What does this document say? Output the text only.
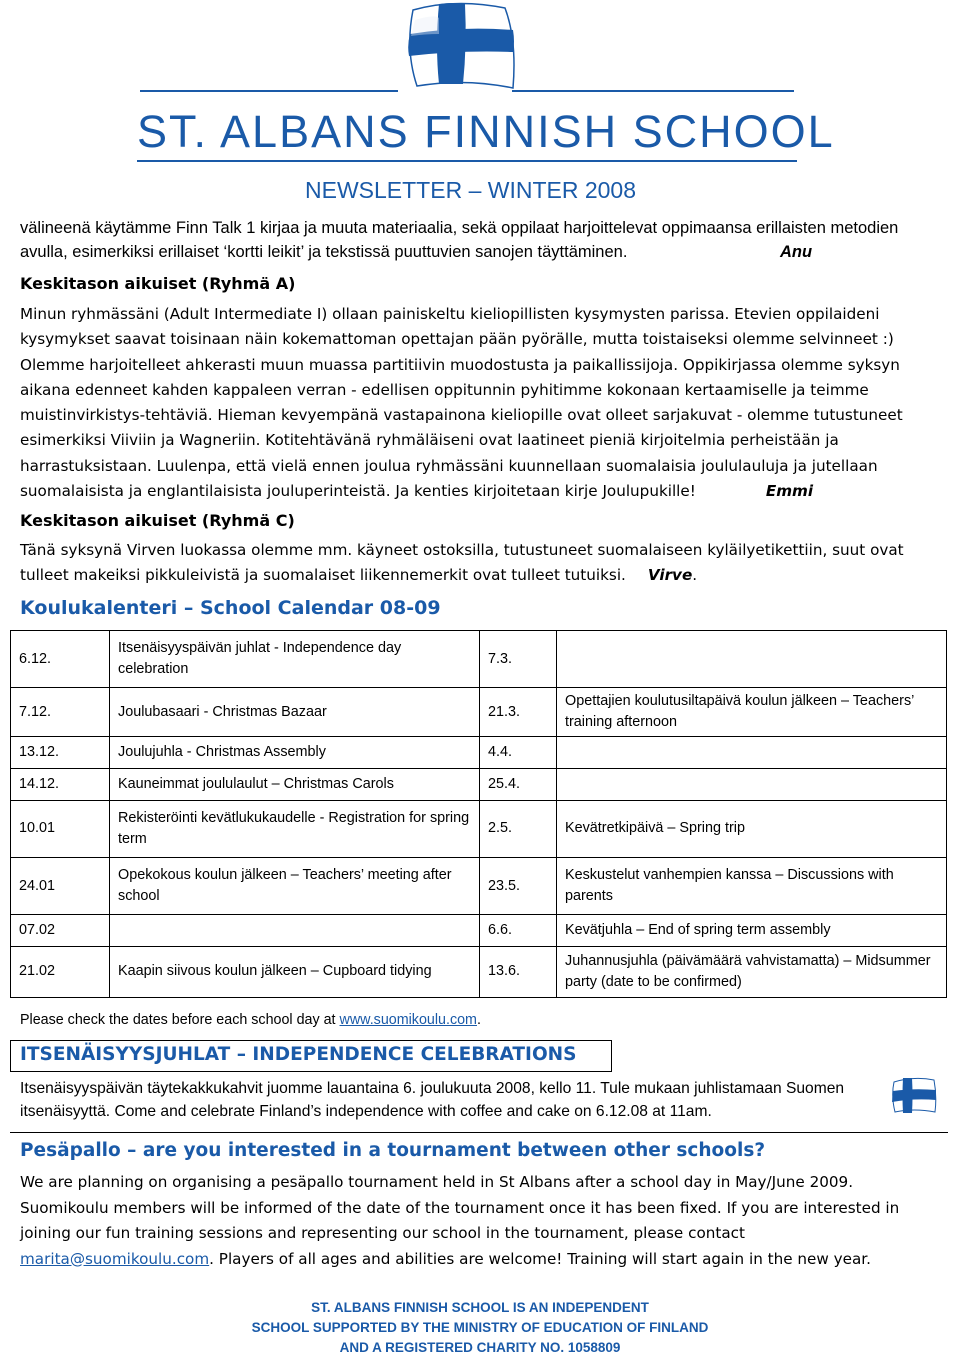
ST. ALBANS FINNISH SCHOOL
NEWSLETTER – WINTER 2008
välineenä käytämme Finn Talk 1 kirjaa ja muuta materiaalia, sekä oppilaat harjoittelevat oppimaansa erillaisten metodien avulla, esimerkiksi erillaiset ‘kortti leikit’ ja tekstissä puuttuvien sanojen täyttäminen.	Anu
Keskitason aikuiset (Ryhmä A)
Minun ryhmässäni (Adult Intermediate I) ollaan painiskeltu kieliopillisten kysymysten parissa. Etevien oppilaideni kysymykset saavat toisinaan näin kokemattoman opettajan pään pyörälle, mutta toistaiseksi olemme selvinneet :) Olemme harjoitelleet ahkerasti muun muassa partitiivin muodostusta ja paikallissijoja. Oppikirjassa olemme syksyn aikana edenneet kahden kappaleen verran - edellisen oppitunnin pyhitimme kokonaan kertaamiselle ja teimme muistinvirkistys-tehtäviä. Hieman kevyempänä vastapainona kieliopille ovat olleet sarjakuvat - olemme tutustuneet esimerkiksi Viiviin ja Wagneriin. Kotitehtävänä ryhmäläiseni ovat laatineet pieniä kirjoitelmia perheistään ja harrastuksistaan. Luulenpa, että vielä ennen joulua ryhmässäni kuunnellaan suomalaisia joululauluja ja jutellaan suomalaisista ja englantilaisista jouluperinteistä. Ja kenties kirjoitetaan kirje Joulupukille!	Emmi
Keskitason aikuiset (Ryhmä C)
Tänä syksynä Virven luokassa olemme mm. käyneet ostoksilla, tutustuneet suomalaiseen kyläilyetikettiin, suut ovat tulleet makeiksi pikkuleivistä ja suomalaiset liikennemerkit ovat tulleet tutuiksi. Virve.
Koulukalenteri – School Calendar 08-09
6.12.	Itsenäisyyspäivän juhlat - Independence day celebration	7.3.	
7.12.	Joulubasaari - Christmas Bazaar	21.3.	Opettajien koulutusiltapäivä koulun jälkeen – Teachers’ training afternoon
13.12.	Joulujuhla - Christmas Assembly	4.4.	
14.12.	Kauneimmat joululaulut – Christmas Carols	25.4.	
10.01	Rekisteröinti kevätlukukaudelle - Registration for spring term	2.5.	Kevätretkipäivä – Spring trip
24.01	Opekokous koulun jälkeen – Teachers’ meeting after school	23.5.	Keskustelut vanhempien kanssa – Discussions with parents
07.02		6.6.	Kevätjuhla – End of spring term assembly
21.02	Kaapin siivous koulun jälkeen – Cupboard tidying	13.6.	Juhannusjuhla (päivämäärä vahvistamatta) – Midsummer party (date to be confirmed)
Please check the dates before each school day at www.suomikoulu.com.
ITSENÄISYYSJUHLAT – INDEPENDENCE CELEBRATIONS
Itsenäisyyspäivän täytekakkukahvit juomme lauantaina 6. joulukuuta 2008, kello 11. Tule mukaan juhlistamaan Suomen itsenäisyyttä. Come and celebrate Finland’s independence with coffee and cake on 6.12.08 at 11am.
Pesäpallo – are you interested in a tournament between other schools?
We are planning on organising a pesäpallo tournament held in St Albans after a school day in May/June 2009. Suomikoulu members will be informed of the date of the tournament once it has been fixed. If you are interested in joining our fun training sessions and representing our school in the tournament, please contact marita@suomikoulu.com. Players of all ages and abilities are welcome! Training will start again in the new year.
ST. ALBANS FINNISH SCHOOL IS AN INDEPENDENT
SCHOOL SUPPORTED BY THE MINISTRY OF EDUCATION OF FINLAND
AND A REGISTERED CHARITY NO. 1058809
